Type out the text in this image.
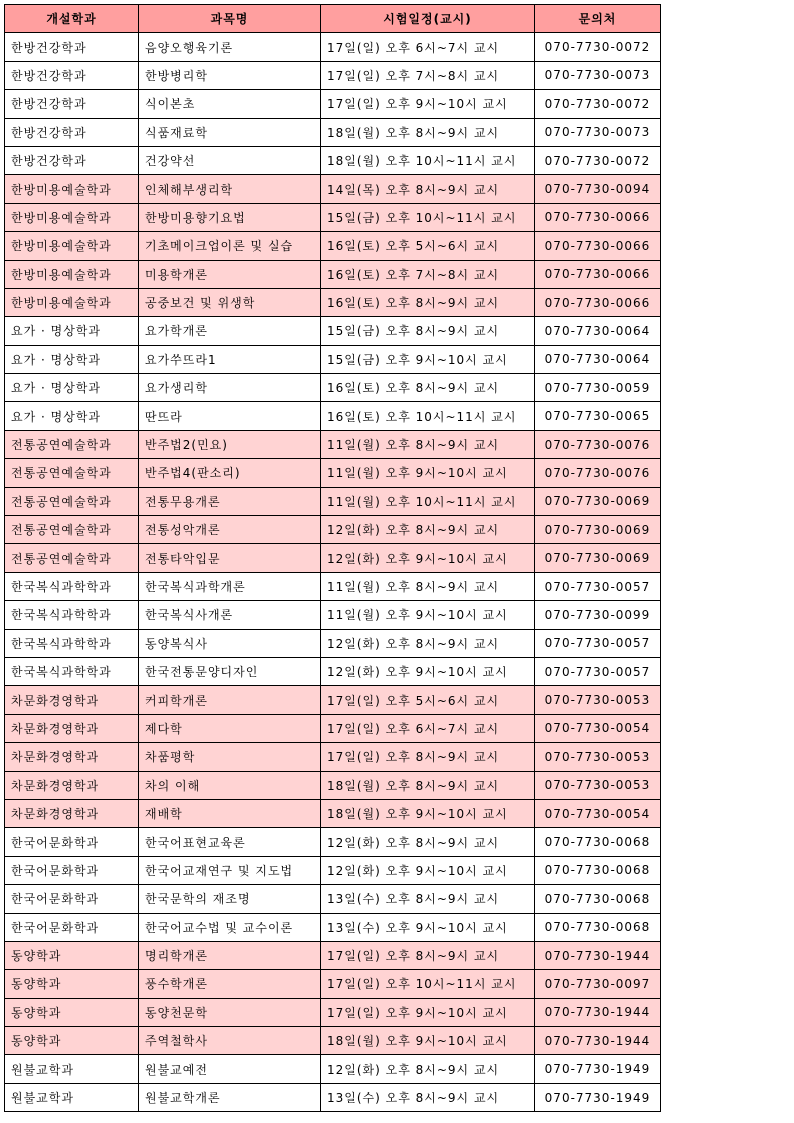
개설학과	과목명	시험일정(교시)	문의처
한방건강학과	음양오행육기론	17일(일) 오후 6시~7시 교시	070-7730-0072
한방건강학과	한방병리학	17일(일) 오후 7시~8시 교시	070-7730-0073
한방건강학과	식이본초	17일(일) 오후 9시~10시 교시	070-7730-0072
한방건강학과	식품재료학	18일(월) 오후 8시~9시 교시	070-7730-0073
한방건강학과	건강약선	18일(월) 오후 10시~11시 교시	070-7730-0072
한방미용예술학과	인체해부생리학	14일(목) 오후 8시~9시 교시	070-7730-0094
한방미용예술학과	한방미용향기요법	15일(금) 오후 10시~11시 교시	070-7730-0066
한방미용예술학과	기초메이크업이론 및 실습	16일(토) 오후 5시~6시 교시	070-7730-0066
한방미용예술학과	미용학개론	16일(토) 오후 7시~8시 교시	070-7730-0066
한방미용예술학과	공중보건 및 위생학	16일(토) 오후 8시~9시 교시	070-7730-0066
요가 · 명상학과	요가학개론	15일(금) 오후 8시~9시 교시	070-7730-0064
요가 · 명상학과	요가쑤뜨라1	15일(금) 오후 9시~10시 교시	070-7730-0064
요가 · 명상학과	요가생리학	16일(토) 오후 8시~9시 교시	070-7730-0059
요가 · 명상학과	딴뜨라	16일(토) 오후 10시~11시 교시	070-7730-0065
전통공연예술학과	반주법2(민요)	11일(월) 오후 8시~9시 교시	070-7730-0076
전통공연예술학과	반주법4(판소리)	11일(월) 오후 9시~10시 교시	070-7730-0076
전통공연예술학과	전통무용개론	11일(월) 오후 10시~11시 교시	070-7730-0069
전통공연예술학과	전통성악개론	12일(화) 오후 8시~9시 교시	070-7730-0069
전통공연예술학과	전통타악입문	12일(화) 오후 9시~10시 교시	070-7730-0069
한국복식과학학과	한국복식과학개론	11일(월) 오후 8시~9시 교시	070-7730-0057
한국복식과학학과	한국복식사개론	11일(월) 오후 9시~10시 교시	070-7730-0099
한국복식과학학과	동양복식사	12일(화) 오후 8시~9시 교시	070-7730-0057
한국복식과학학과	한국전통문양디자인	12일(화) 오후 9시~10시 교시	070-7730-0057
차문화경영학과	커피학개론	17일(일) 오후 5시~6시 교시	070-7730-0053
차문화경영학과	제다학	17일(일) 오후 6시~7시 교시	070-7730-0054
차문화경영학과	차품평학	17일(일) 오후 8시~9시 교시	070-7730-0053
차문화경영학과	차의 이해	18일(월) 오후 8시~9시 교시	070-7730-0053
차문화경영학과	재배학	18일(월) 오후 9시~10시 교시	070-7730-0054
한국어문화학과	한국어표현교육론	12일(화) 오후 8시~9시 교시	070-7730-0068
한국어문화학과	한국어교재연구 및 지도법	12일(화) 오후 9시~10시 교시	070-7730-0068
한국어문화학과	한국문학의 재조명	13일(수) 오후 8시~9시 교시	070-7730-0068
한국어문화학과	한국어교수법 및 교수이론	13일(수) 오후 9시~10시 교시	070-7730-0068
동양학과	명리학개론	17일(일) 오후 8시~9시 교시	070-7730-1944
동양학과	풍수학개론	17일(일) 오후 10시~11시 교시	070-7730-0097
동양학과	동양천문학	17일(일) 오후 9시~10시 교시	070-7730-1944
동양학과	주역철학사	18일(월) 오후 9시~10시 교시	070-7730-1944
원불교학과	원불교예전	12일(화) 오후 8시~9시 교시	070-7730-1949
원불교학과	원불교학개론	13일(수) 오후 8시~9시 교시	070-7730-1949
